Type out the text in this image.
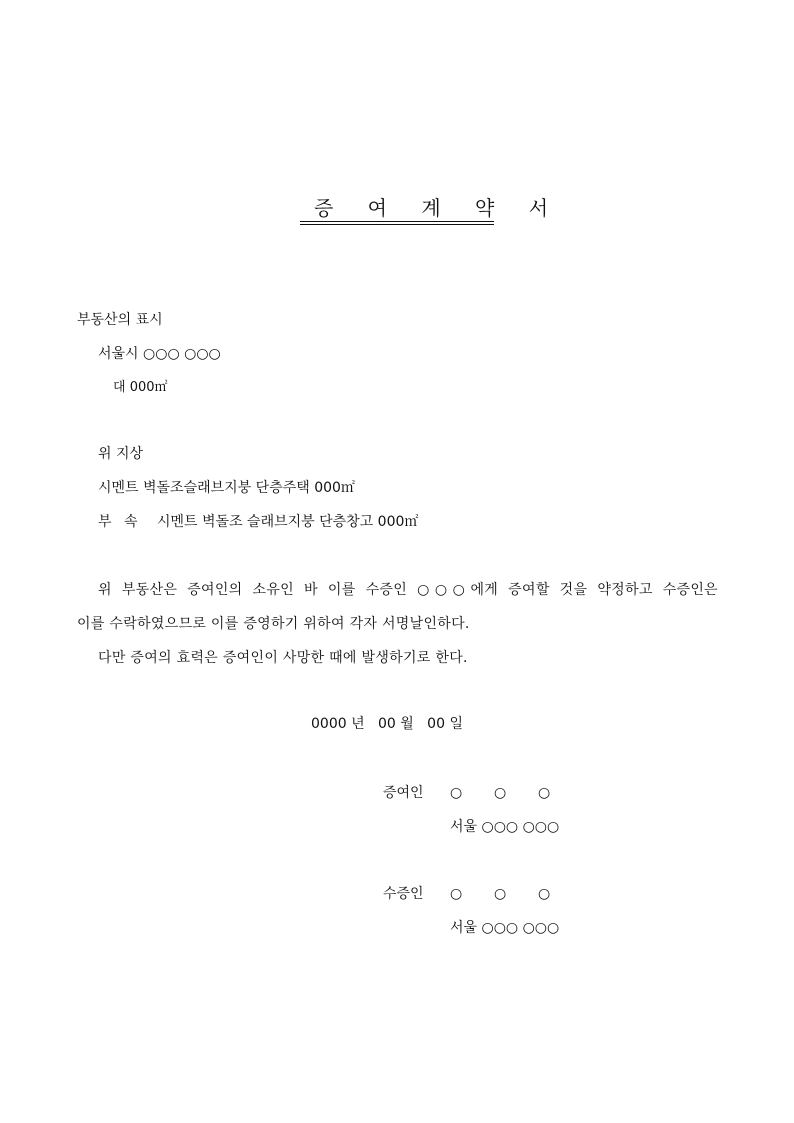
증 여 계 약 서
부동산의 표시
서울시 ○○○ ○○○
대 000㎡
위 지상
시멘트 벽돌조슬래브지붕 단층주택 000㎡
부 속 시멘트 벽돌조 슬래브지붕 단층창고 000㎡
위 부동산은 증여인의 소유인 바 이를 수증인 ○○○에게 증여할 것을 약정하고 수증인은
이를 수락하였으므로 이를 증영하기 위하여 각자 서명날인하다.
다만 증여의 효력은 증여인이 사망한 때에 발생하기로 한다.
0000 년 00 월 00 일
증여인 ○ ○ ○
서울 ○○○ ○○○
수증인 ○ ○ ○
서울 ○○○ ○○○
